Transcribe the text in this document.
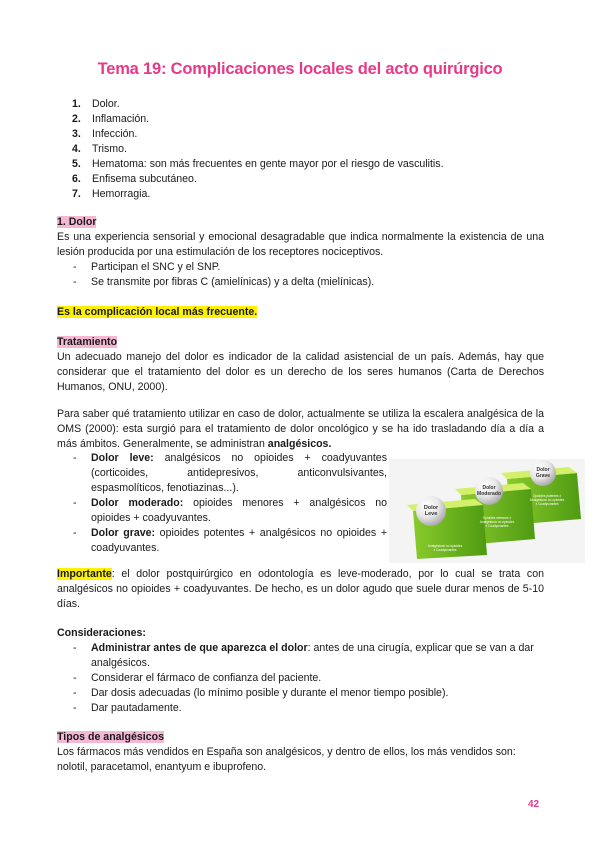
Tema 19: Complicaciones locales del acto quirúrgico
1.	Dolor.
2.	Inflamación.
3.	Infección.
4.	Trismo.
5.	Hematoma: son más frecuentes en gente mayor por el riesgo de vasculitis.
6.	Enfisema subcutáneo.
7.	Hemorragia.
1. Dolor
Es una experiencia sensorial y emocional desagradable que indica normalmente la existencia de una lesión producida por una estimulación de los receptores nociceptivos.
-	Participan el SNC y el SNP.
-	Se transmite por fibras C (amielínicas) y a delta (mielínicas).
Es la complicación local más frecuente.
Tratamiento
Un adecuado manejo del dolor es indicador de la calidad asistencial de un país. Además, hay que considerar que el tratamiento del dolor es un derecho de los seres humanos (Carta de Derechos Humanos, ONU, 2000).
Para saber qué tratamiento utilizar en caso de dolor, actualmente se utiliza la escalera analgésica de la OMS (2000): esta surgió para el tratamiento de dolor oncológico y se ha ido trasladando día a día a más ámbitos. Generalmente, se administran analgésicos.
-	Dolor leve: analgésicos no opioides + coadyuvantes (corticoides, antidepresivos, anticonvulsivantes, espasmolíticos, fenotiazinas...).
-	Dolor moderado: opioides menores + analgésicos no opioides + coadyuvantes.
-	Dolor grave: opioides potentes + analgésicos no opioides + coadyuvantes.
Dolor Grave
Dolor Moderado
Dolor Leve
Opioides potentes ± Analgésicos no opioides ± Coadyuvantes
Opioides menores ± Analgésicos no opioides ± Coadyuvantes
Analgésicos no opioides ± Coadyuvantes
Importante: el dolor postquirúrgico en odontología es leve-moderado, por lo cual se trata con analgésicos no opioides + coadyuvantes. De hecho, es un dolor agudo que suele durar menos de 5-10 días.
Consideraciones:
-	Administrar antes de que aparezca el dolor: antes de una cirugía, explicar que se van a dar analgésicos.
-	Considerar el fármaco de confianza del paciente.
-	Dar dosis adecuadas (lo mínimo posible y durante el menor tiempo posible).
-	Dar pautadamente.
Tipos de analgésicos
Los fármacos más vendidos en España son analgésicos, y dentro de ellos, los más vendidos son: nolotil, paracetamol, enantyum e ibuprofeno.
42
